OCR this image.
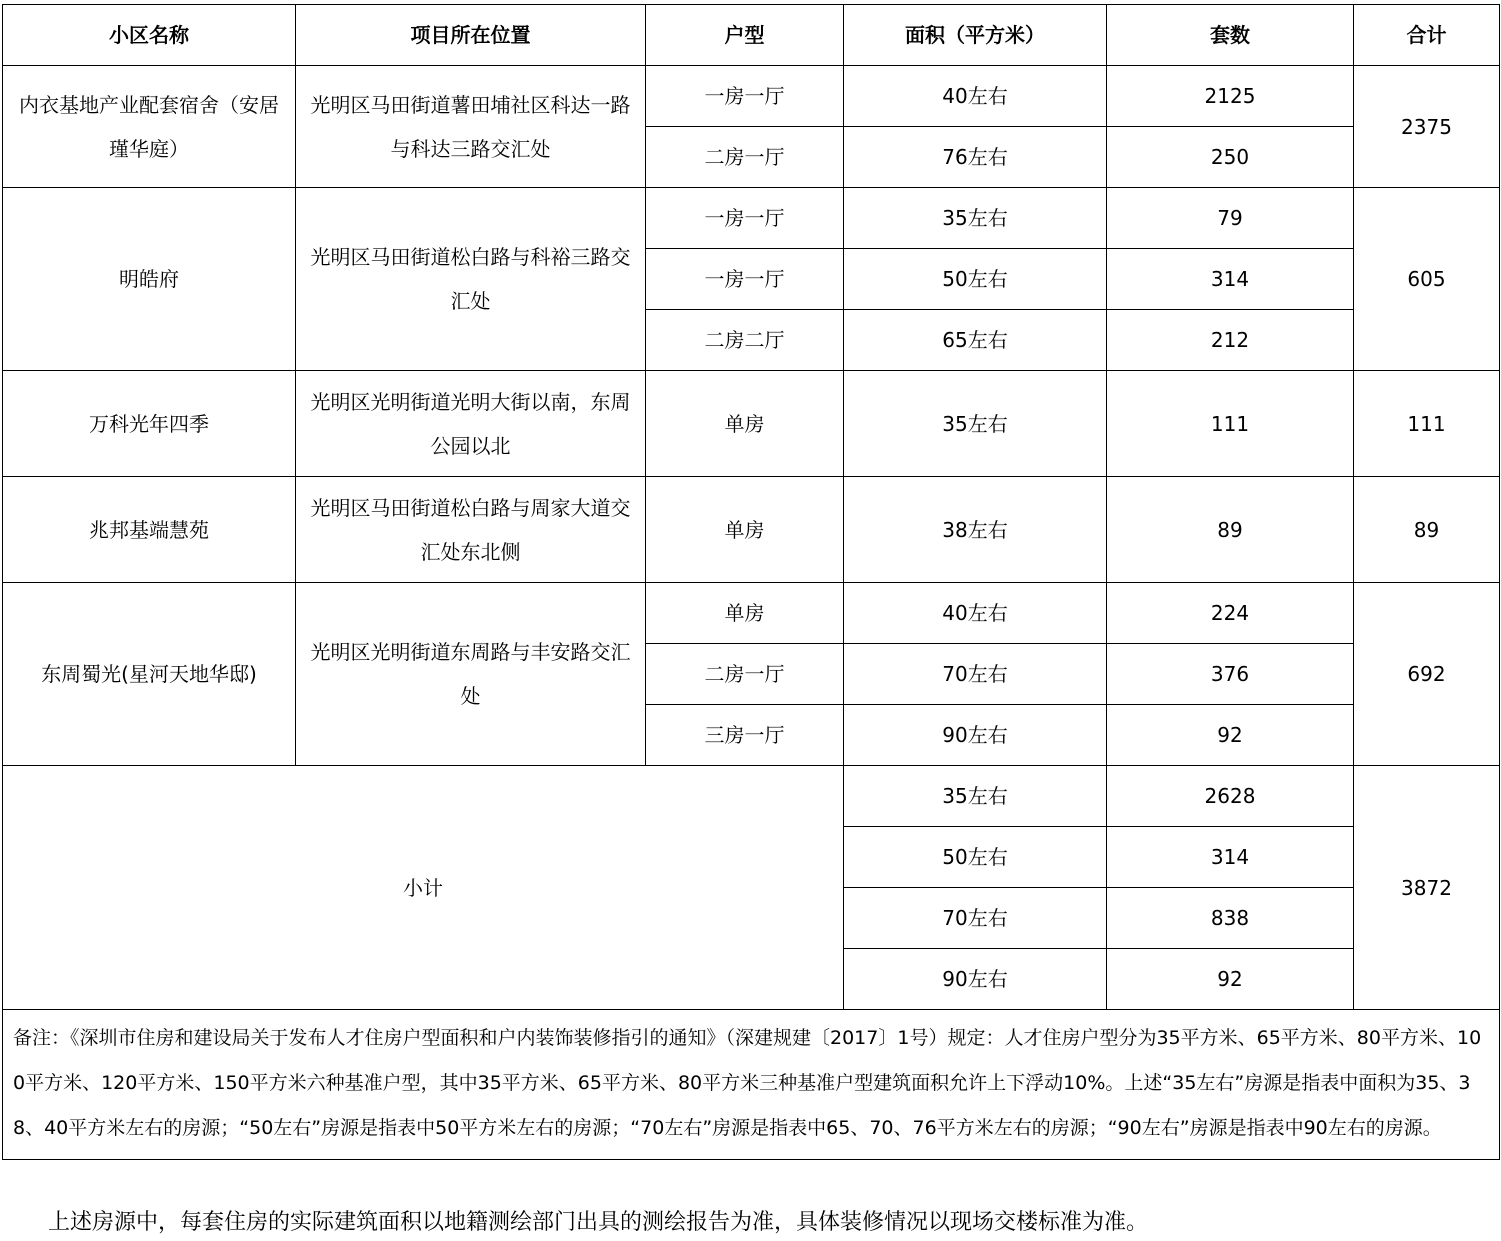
小区名称	项目所在位置	户型	面积（平方米）	套数	合计
内衣基地产业配套宿舍（安居瑾华庭）	光明区马田街道薯田埔社区科达一路与科达三路交汇处	一房一厅	40左右	2125	2375
		二房一厅	76左右	250	
明皓府	光明区马田街道松白路与科裕三路交汇处	一房一厅	35左右	79	605
		一房一厅	50左右	314	
		二房二厅	65左右	212	
万科光年四季	光明区光明街道光明大街以南，东周公园以北	单房	35左右	111	111
兆邦基端慧苑	光明区马田街道松白路与周家大道交汇处东北侧	单房	38左右	89	89
东周蜀光(星河天地华邸)	光明区光明街道东周路与丰安路交汇处	单房	40左右	224	692
		二房一厅	70左右	376	
		三房一厅	90左右	92	
小计			35左右	2628	3872
			50左右	314	
			70左右	838	
			90左右	92	
备注：《深圳市住房和建设局关于发布人才住房户型面积和户内装饰装修指引的通知》（深建规建〔2017〕1号）规定：人才住房户型分为35平方米、65平方米、80平方米、100平方米、120平方米、150平方米六种基准户型，其中35平方米、65平方米、80平方米三种基准户型建筑面积允许上下浮动10%。上述“35左右”房源是指表中面积为35、38、40平方米左右的房源；“50左右”房源是指表中50平方米左右的房源；“70左右”房源是指表中65、70、76平方米左右的房源；“90左右”房源是指表中90左右的房源。					
上述房源中，每套住房的实际建筑面积以地籍测绘部门出具的测绘报告为准，具体装修情况以现场交楼标准为准。
